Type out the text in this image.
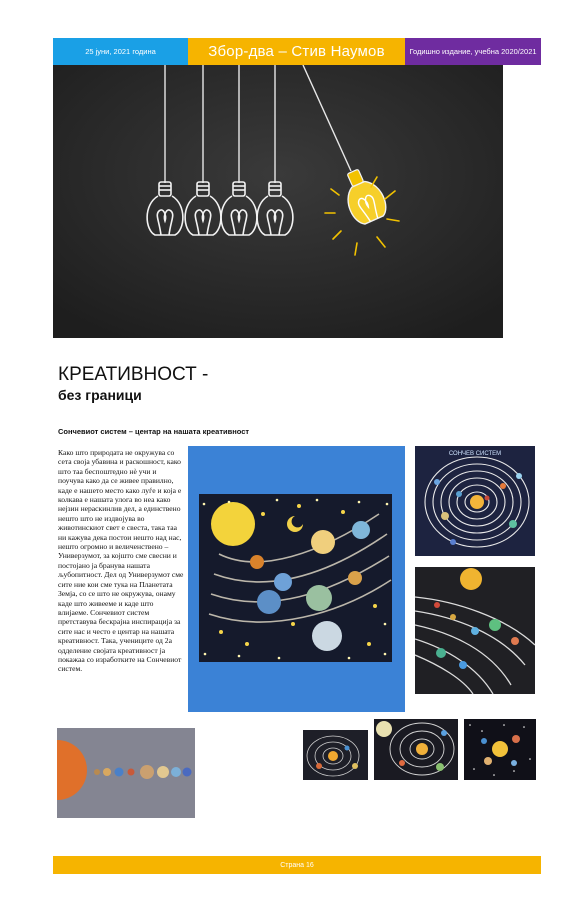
25 јуни, 2021 година	Збор-два – Стив Наумов	Годишно издание, учебна 2020/2021
КРЕАТИВНОСТ -
без граници
Сончевиот систем – центар на нашата креативност
Како што природата не окружува со сета своја убавина и раскошност, како што таа беспоштедно нѐ учи и поучува како да се живее правилно, каде е нашето место како луѓе и која е колкава е нашата улога во неа како нејзин нераскинлив дел, а единствено нешто што не издвојува во животинскиот свет е свеста, така таа ни кажува дека постои нешто над нас, нешто огромно и величенствено – Универзумот, за којшто сме свесни и постојано ја бранува нашата љубопитност. Дел од Универзумот сме сите ние кои сме тука на Планетата Земја, со се што не окружува, онаму каде што живееме и каде што влијаеме. Сончевиот систем претставува бескрајна инспирација за сите нас и често е центар на нашата креативност. Така, учениците од 2а одделение својата креативност ја покажаа со изработките на Сончевиот систем.
СОНЧЕВ СИСТЕМ
Страна 16
